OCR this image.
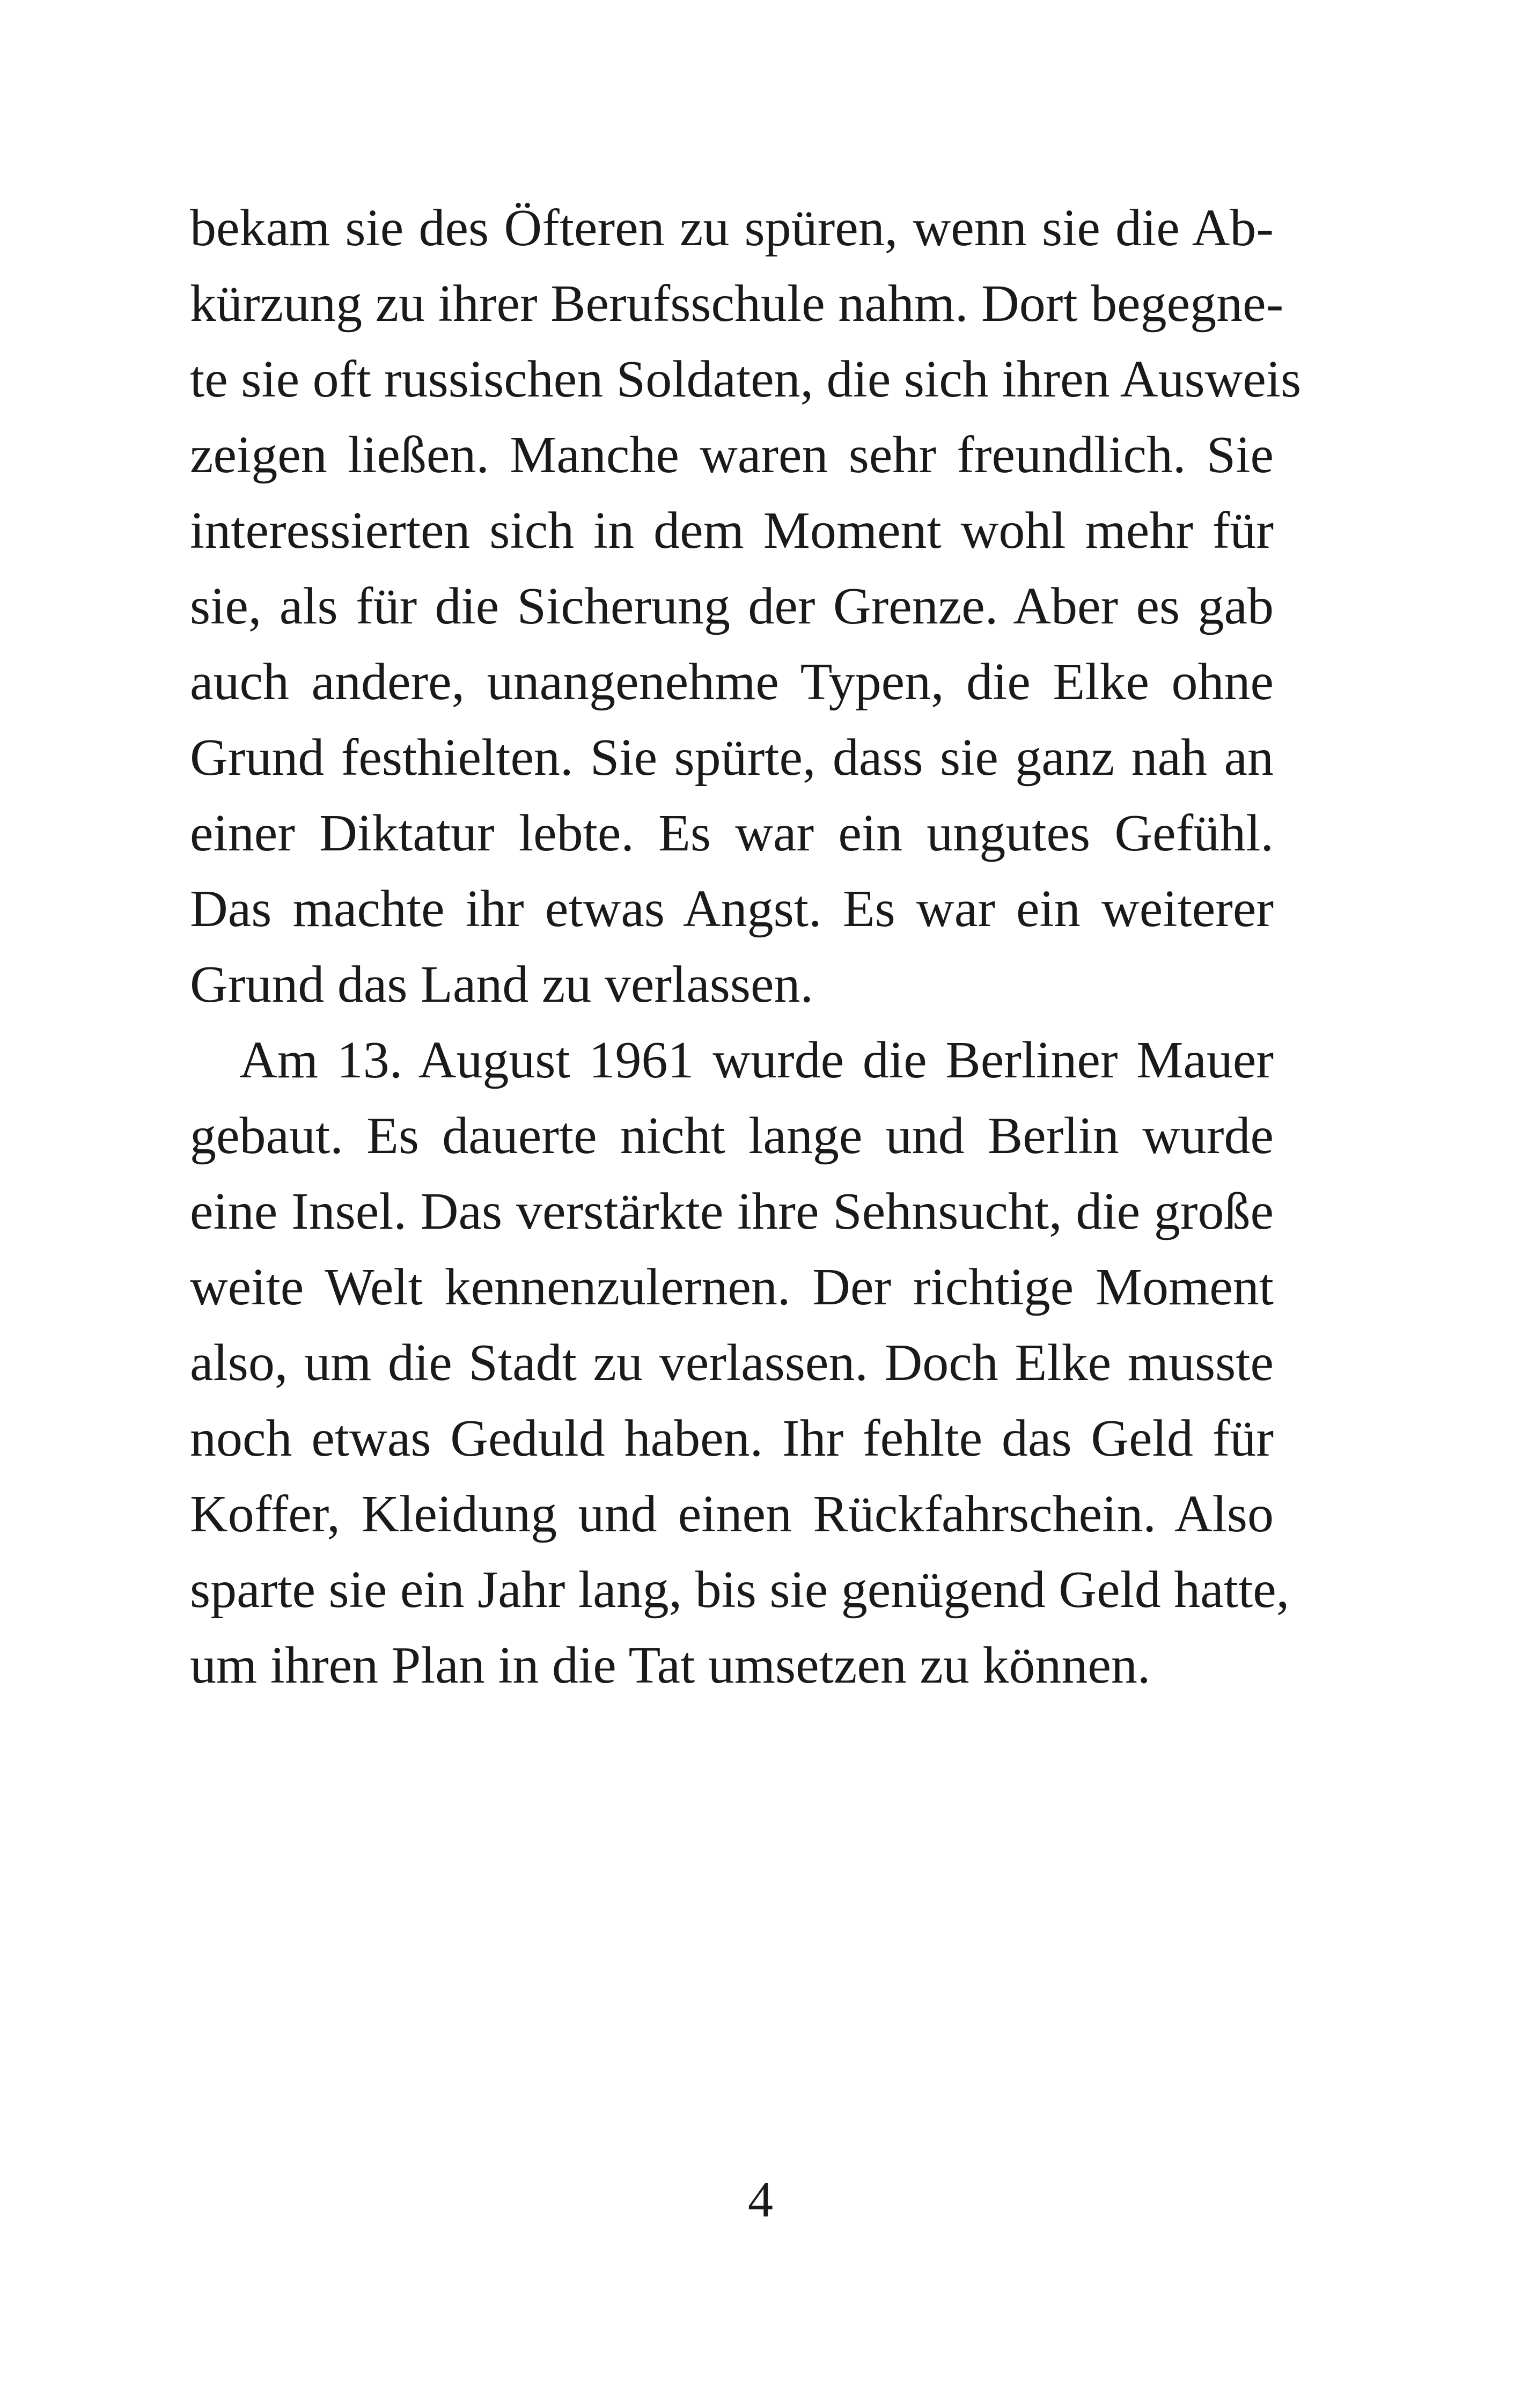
bekam sie des Öfteren zu spüren, wenn sie die Ab-
kürzung zu ihrer Berufsschule nahm. Dort begegne-
te sie oft russischen Soldaten, die sich ihren Ausweis
zeigen ließen. Manche waren sehr freundlich. Sie
interessierten sich in dem Moment wohl mehr für
sie, als für die Sicherung der Grenze. Aber es gab
auch andere, unangenehme Typen, die Elke ohne
Grund festhielten. Sie spürte, dass sie ganz nah an
einer Diktatur lebte. Es war ein ungutes Gefühl.
Das machte ihr etwas Angst. Es war ein weiterer
Grund das Land zu verlassen.
Am 13. August 1961 wurde die Berliner Mauer
gebaut. Es dauerte nicht lange und Berlin wurde
eine Insel. Das verstärkte ihre Sehnsucht, die große
weite Welt kennenzulernen. Der richtige Moment
also, um die Stadt zu verlassen. Doch Elke musste
noch etwas Geduld haben. Ihr fehlte das Geld für
Koffer, Kleidung und einen Rückfahrschein. Also
sparte sie ein Jahr lang, bis sie genügend Geld hatte,
um ihren Plan in die Tat umsetzen zu können.
4
